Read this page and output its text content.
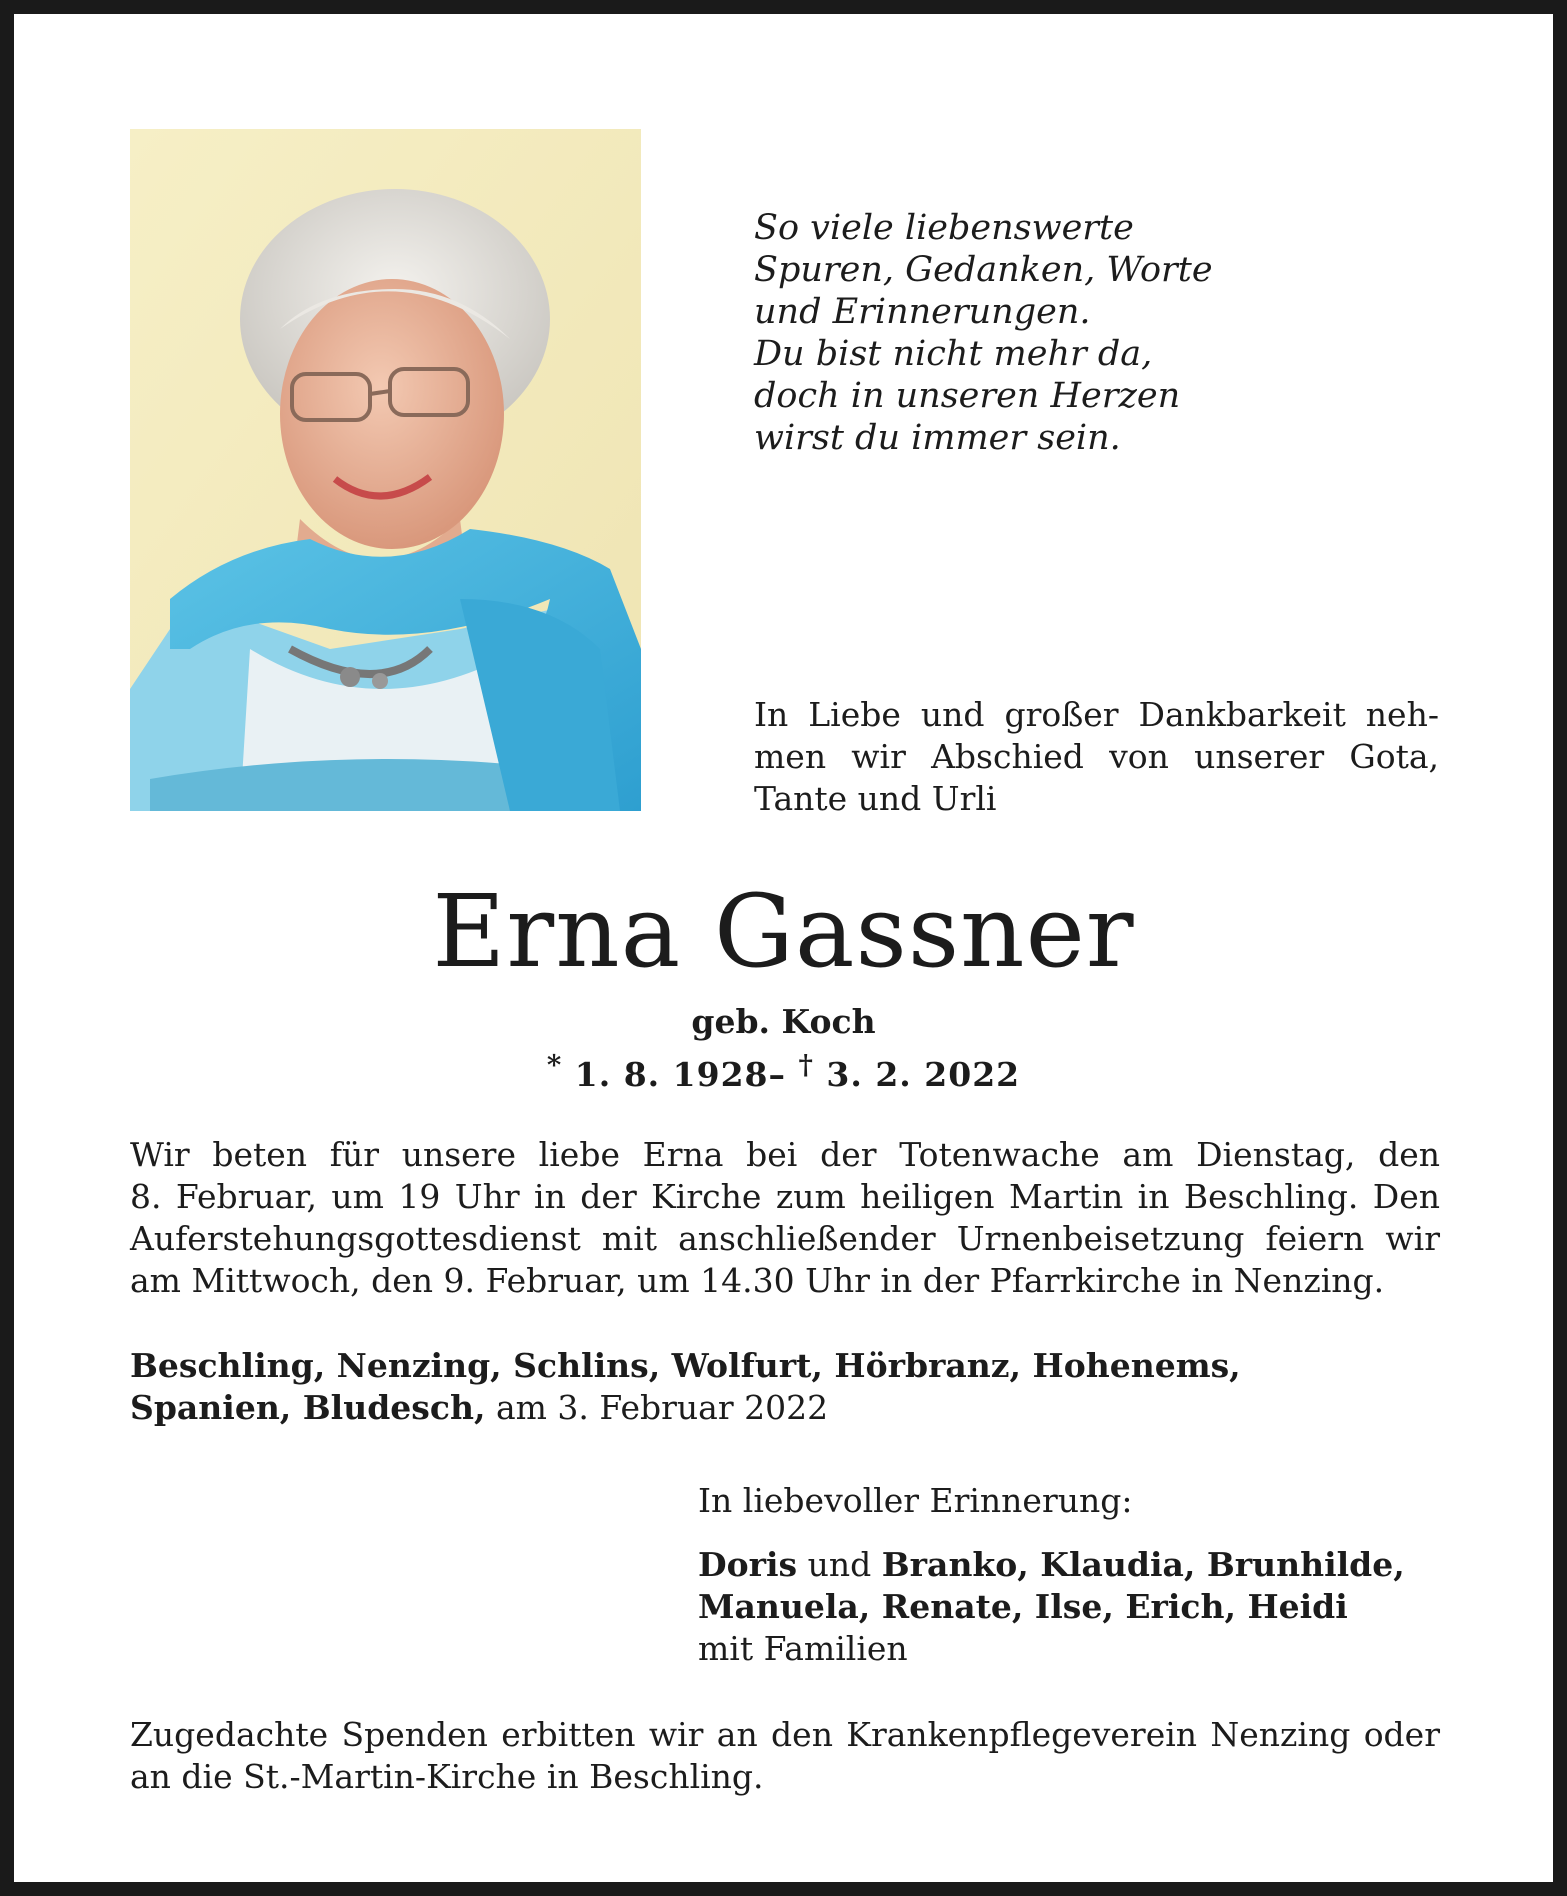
So viele liebenswerte
Spuren, Gedanken, Worte
und Erinnerungen.
Du bist nicht mehr da,
doch in unseren Herzen
wirst du immer sein.
In Liebe und großer Dankbarkeit neh-
men wir Abschied von unserer Gota,
Tante und Urli
Erna Gassner
geb. Koch
* 1. 8. 1928– † 3. 2. 2022
Wir beten für unsere liebe Erna bei der Totenwache am Dienstag, den
8. Februar, um 19 Uhr in der Kirche zum heiligen Martin in Beschling. Den
Auferstehungsgottesdienst mit anschließender Urnenbeisetzung feiern wir
am Mittwoch, den 9. Februar, um 14.30 Uhr in der Pfarrkirche in Nenzing.
Beschling, Nenzing, Schlins, Wolfurt, Hörbranz, Hohenems,
Spanien, Bludesch, am 3. Februar 2022
In liebevoller Erinnerung:
Doris und Branko, Klaudia, Brunhilde,
Manuela, Renate, Ilse, Erich, Heidi
mit Familien
Zugedachte Spenden erbitten wir an den Krankenpflegeverein Nenzing oder
an die St.-Martin-Kirche in Beschling.
